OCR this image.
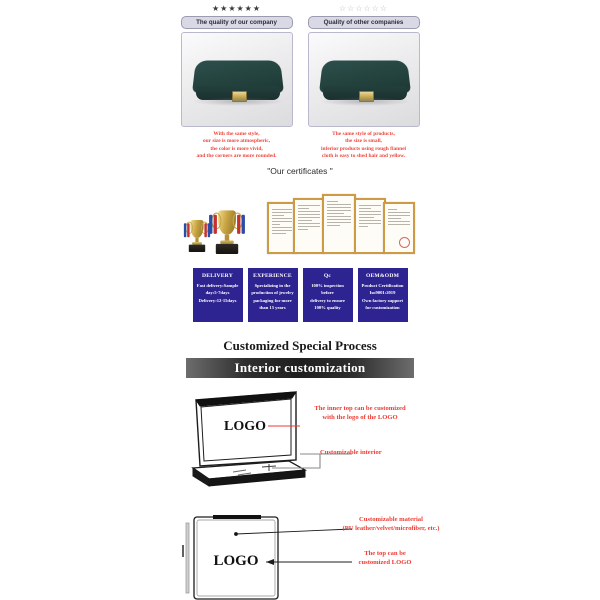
★★★★★★
The quality of our company
With the same style,
our size is more atmospheric,
the color is more vivid,
and the corners are more rounded.
☆☆☆☆☆☆
Quality of other companies
The same style of products,
the size is small,
inferior products using rough flannel
cloth is easy to shed hair and yellow.
"Our certificates "
DELIVERY
Fast delivery:Sample
day:5-7days
Delivery:12-15days
EXPERIENCE
Specializing in the
production of jewelry
packaging for more
than 15 years
Qc
100% inspection before
delivery to ensure
100% quality
OEM&ODM
Product Certification
Iso9001:2019
Own factory support
for customization
Customized Special Process
Interior customization
LOGO
The inner top can be customized
with the logo of the LOGO
Customizable interior
LOGO
Customizable material
(PU leather/velvet/microfiber, etc.)
The top can be
customized LOGO
